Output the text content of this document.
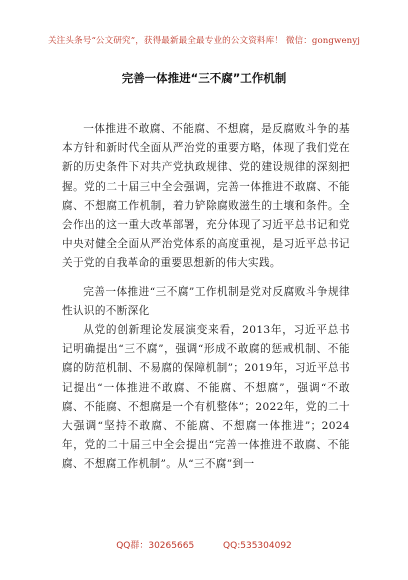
关注头条号“公文研究”，获得最新最全最专业的公文资料库！ 微信：gongwenyj
完善一体推进“三不腐”工作机制

一体推进不敢腐、不能腐、不想腐，是反腐败斗争的基本方针和新时代全面从严治党的重要方略，体现了我们党在新的历史条件下对共产党执政规律、党的建设规律的深刻把握。党的二十届三中全会强调，完善一体推进不敢腐、不能腐、不想腐工作机制，着力铲除腐败滋生的土壤和条件。全会作出的这一重大改革部署，充分体现了习近平总书记和党中央对健全全面从严治党体系的高度重视，是习近平总书记关于党的自我革命的重要思想新的伟大实践。

完善一体推进“三不腐”工作机制是党对反腐败斗争规律性认识的不断深化

从党的创新理论发展演变来看，2013年，习近平总书记明确提出“三不腐”，强调“形成不敢腐的惩戒机制、不能腐的防范机制、不易腐的保障机制”；2019年，习近平总书记提出“一体推进不敢腐、不能腐、不想腐”，强调“不敢腐、不能腐、不想腐是一个有机整体”；2022年，党的二十大强调“坚持不敢腐、不能腐、不想腐一体推进”；2024年，党的二十届三中全会提出“完善一体推进不敢腐、不能腐、不想腐工作机制”。从“三不腐”到一

QQ群：30265665	QQ:535304092
